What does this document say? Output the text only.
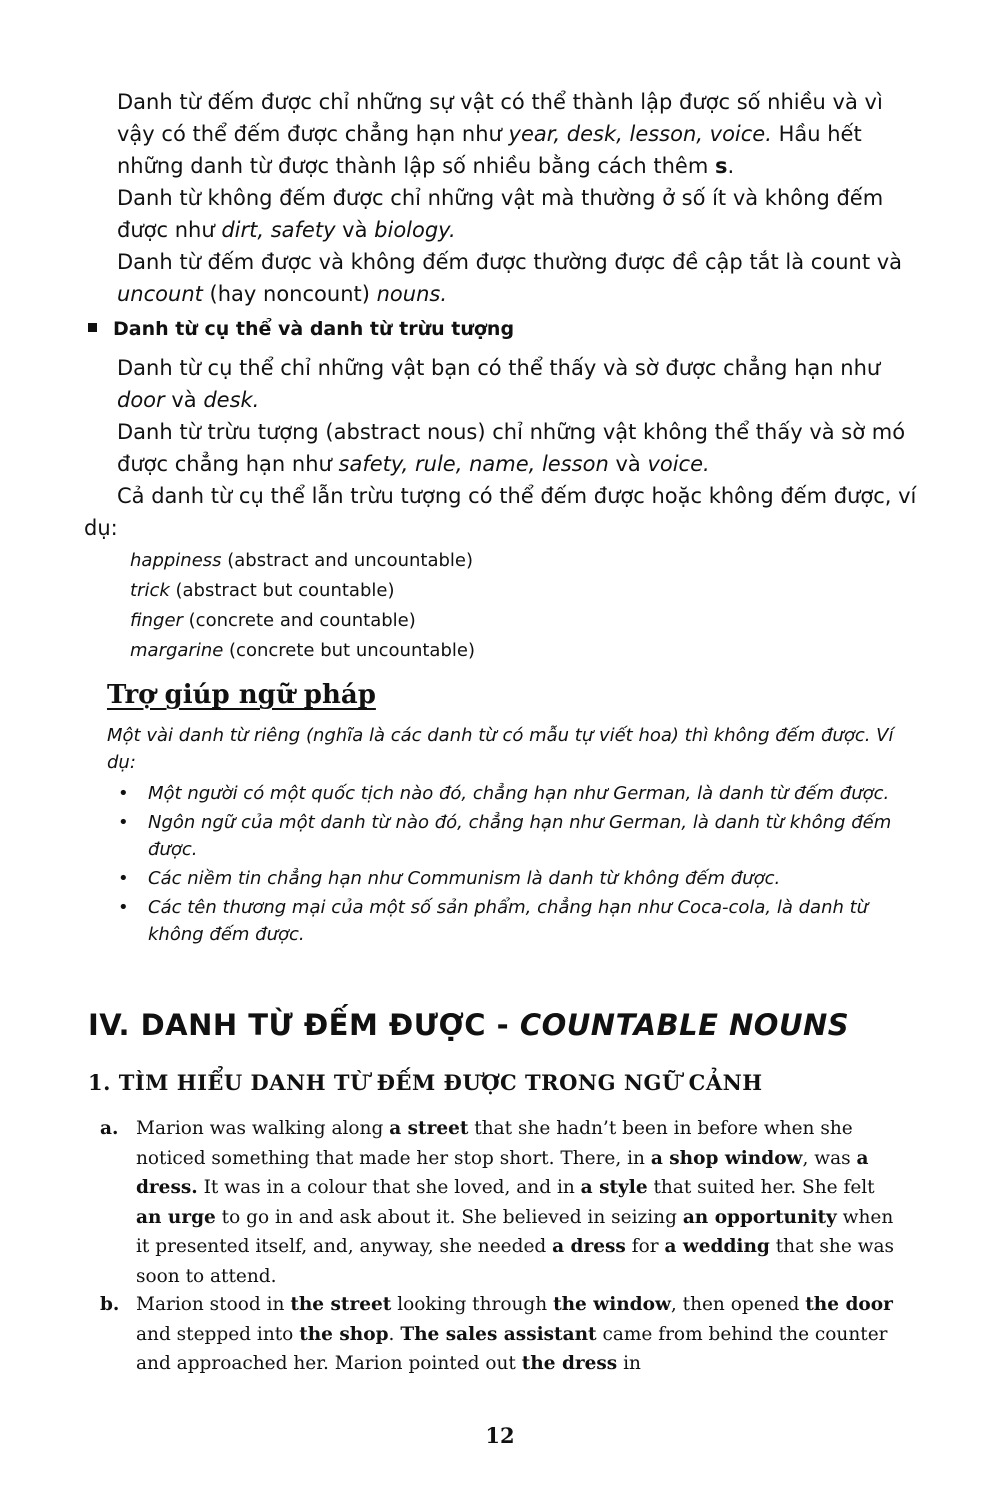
Danh từ đếm được chỉ những sự vật có thể thành lập được số nhiều và vì vậy có thể đếm được chẳng hạn như year, desk, lesson, voice. Hầu hết những danh từ được thành lập số nhiều bằng cách thêm s.

Danh từ không đếm được chỉ những vật mà thường ở số ít và không đếm được như dirt, safety và biology.

Danh từ đếm được và không đếm được thường được đề cập tắt là count và uncount (hay noncount) nouns.

Danh từ cụ thể và danh từ trừu tượng

Danh từ cụ thể chỉ những vật bạn có thể thấy và sờ được chẳng hạn như door và desk.

Danh từ trừu tượng (abstract nous) chỉ những vật không thể thấy và sờ mó được chẳng hạn như safety, rule, name, lesson và voice.

Cả danh từ cụ thể lẫn trừu tượng có thể đếm được hoặc không đếm được, ví dụ:

happiness (abstract and uncountable)
trick (abstract but countable)
finger (concrete and countable)
margarine (concrete but uncountable)
Trợ giúp ngữ pháp

Một vài danh từ riêng (nghĩa là các danh từ có mẫu tự viết hoa) thì không đếm được. Ví dụ:

• Một người có một quốc tịch nào đó, chẳng hạn như German, là danh từ đếm được.
• Ngôn ngữ của một danh từ nào đó, chẳng hạn như German, là danh từ không đếm được.
• Các niềm tin chẳng hạn như Communism là danh từ không đếm được.
• Các tên thương mại của một số sản phẩm, chẳng hạn như Coca-cola, là danh từ không đếm được.
IV. DANH TỪ ĐẾM ĐƯỢC - COUNTABLE NOUNS
1. TÌM HIỂU DANH TỪ ĐẾM ĐƯỢC TRONG NGỮ CẢNH

a. Marion was walking along a street that she hadn’t been in before when she noticed something that made her stop short. There, in a shop window, was a dress. It was in a colour that she loved, and in a style that suited her. She felt an urge to go in and ask about it. She believed in seizing an opportunity when it presented itself, and, anyway, she needed a dress for a wedding that she was soon to attend.

b. Marion stood in the street looking through the window, then opened the door and stepped into the shop. The sales assistant came from behind the counter and approached her. Marion pointed out the dress in

12
